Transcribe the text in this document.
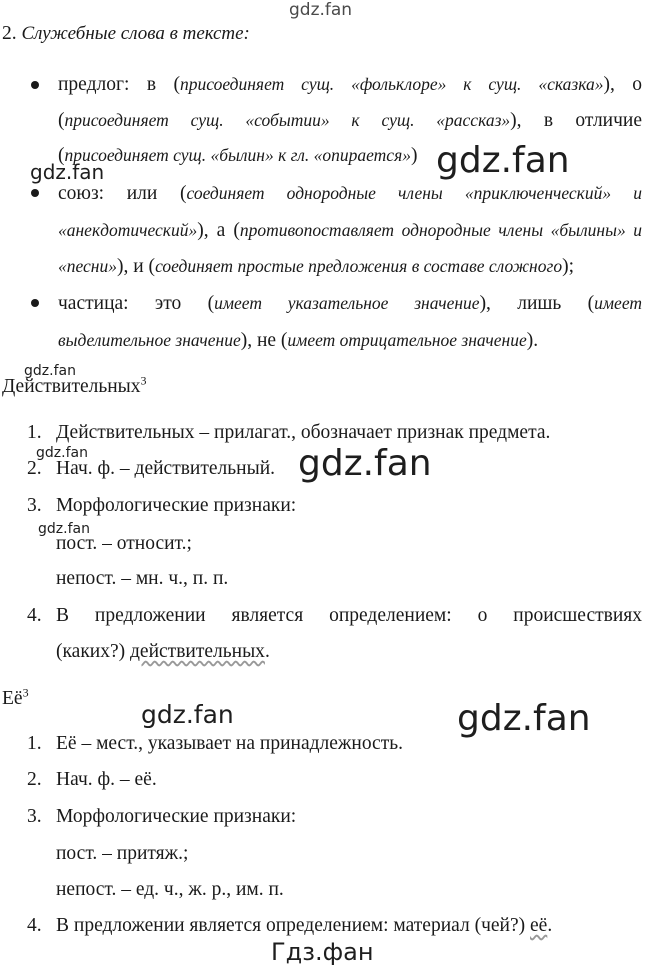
gdz.fan
2. Служебные слова в тексте:
предлог: в (присоединяет сущ. «фольклоре» к сущ. «сказка»), о
(присоединяет сущ. «событии» к сущ. «рассказ»), в отличие
(присоединяет сущ. «былин» к гл. «опирается»)
gdz.fan	gdz.fan
союз: или (соединяет однородные члены «приключенческий» и
«анекдотический»), а (противопоставляет однородные члены «былины» и
«песни»), и (соединяет простые предложения в составе сложного);
частица: это (имеет указательное значение), лишь (имеет
выделительное значение), не (имеет отрицательное значение).
gdz.fan
Действительных$^3$
1. Действительных – прилагат., обозначает признак предмета.
gdz.fan
2. Нач. ф. – действительный. gdz.fan
3. Морфологические признаки:
gdz.fan
пост. – относит.;
непост. – мн. ч., п. п.
4. В предложении является определением: о происшествиях
(каких?) действительных.
$Её^3$
gdz.fan	gdz.fan
1. Её – мест., указывает на принадлежность.
2. Нач. ф. – её.
3. Морфологические признаки:
пост. – притяж.;
непост. – ед. ч., ж. р., им. п.
4. В предложении является определением: материал (чей?) её.
Гдз.фан
